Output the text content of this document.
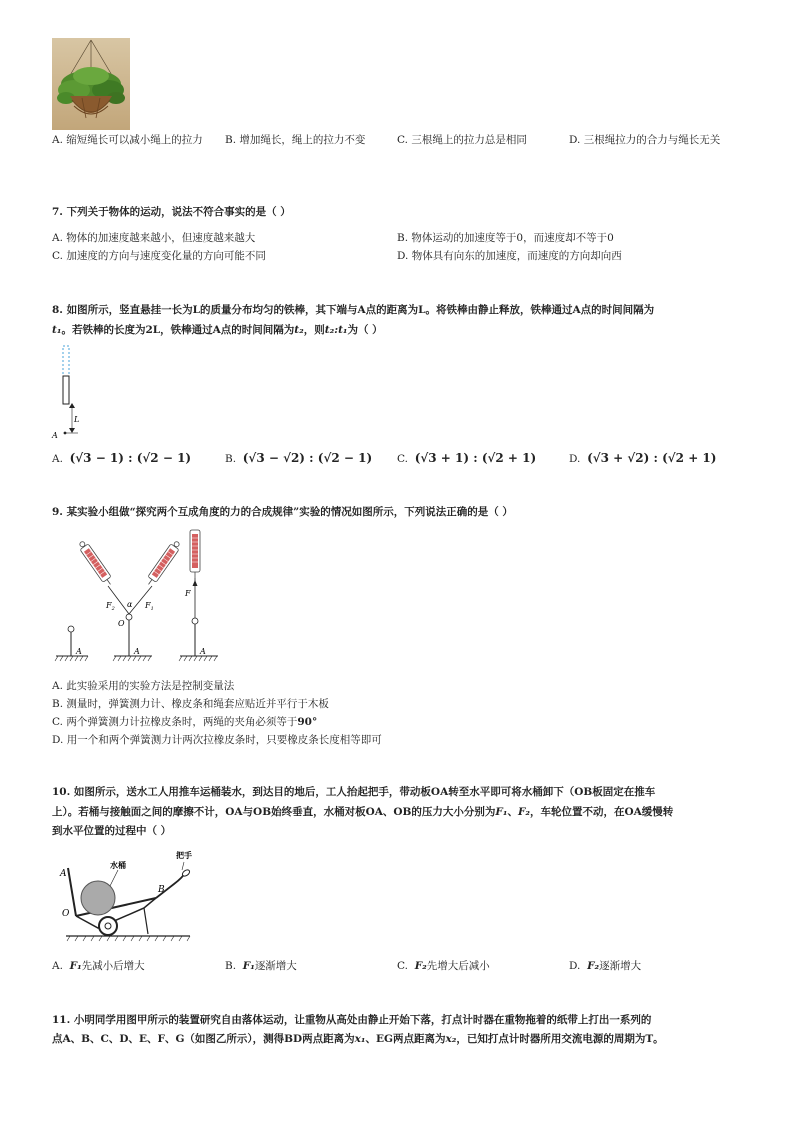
A. 缩短绳长可以减小绳上的拉力	B. 增加绳长，绳上的拉力不变	C. 三根绳上的拉力总是相同	D. 三根绳拉力的合力与绳长无关
7. 下列关于物体的运动，说法不符合事实的是（ ）
A. 物体的加速度越来越小，但速度越来越大	B. 物体运动的加速度等于0，而速度却不等于0
C. 加速度的方向与速度变化量的方向可能不同	D. 物体具有向东的加速度，而速度的方向却向西
8. 如图所示，竖直悬挂一长为L的质量分布均匀的铁棒，其下端与A点的距离为L。将铁棒由静止释放，铁棒通过A点的时间间隔为
t₁。若铁棒的长度为2L，铁棒通过A点的时间间隔为t₂，则t₂:t₁为（ ）
L
A
A. (√3 − 1) : (√2 − 1)	B. (√3 − √2) : (√2 − 1) C. (√3 + 1) : (√2 + 1)	D. (√3 + √2) : (√2 + 1)
9. 某实验小组做“探究两个互成角度的力的合成规律”实验的情况如图所示，下列说法正确的是（ ）
A	A
O
$F_2$ α $F_1$
F
A
A. 此实验采用的实验方法是控制变量法
B. 测量时，弹簧测力计、橡皮条和绳套应贴近并平行于木板
C. 两个弹簧测力计拉橡皮条时，两绳的夹角必须等于90°
D. 用一个和两个弹簧测力计两次拉橡皮条时，只要橡皮条长度相等即可
10. 如图所示，送水工人用推车运桶装水，到达目的地后，工人抬起把手，带动板OA转至水平即可将水桶卸下（OB板固定在推车
上）。若桶与接触面之间的摩擦不计，OA与OB始终垂直，水桶对板OA、OB的压力大小分别为F₁、F₂，车轮位置不动，在OA缓慢转
到水平位置的过程中（ ）
A
O
B
水桶
把手
A. F₁先减小后增大	B. F₁逐渐增大	C. F₂先增大后减小	D. F₂逐渐增大
11. 小明同学用图甲所示的装置研究自由落体运动，让重物从高处由静止开始下落，打点计时器在重物拖着的纸带上打出一系列的
点A、B、C、D、E、F、G（如图乙所示），测得BD两点距离为x₁、EG两点距离为x₂，已知打点计时器所用交流电源的周期为T。
